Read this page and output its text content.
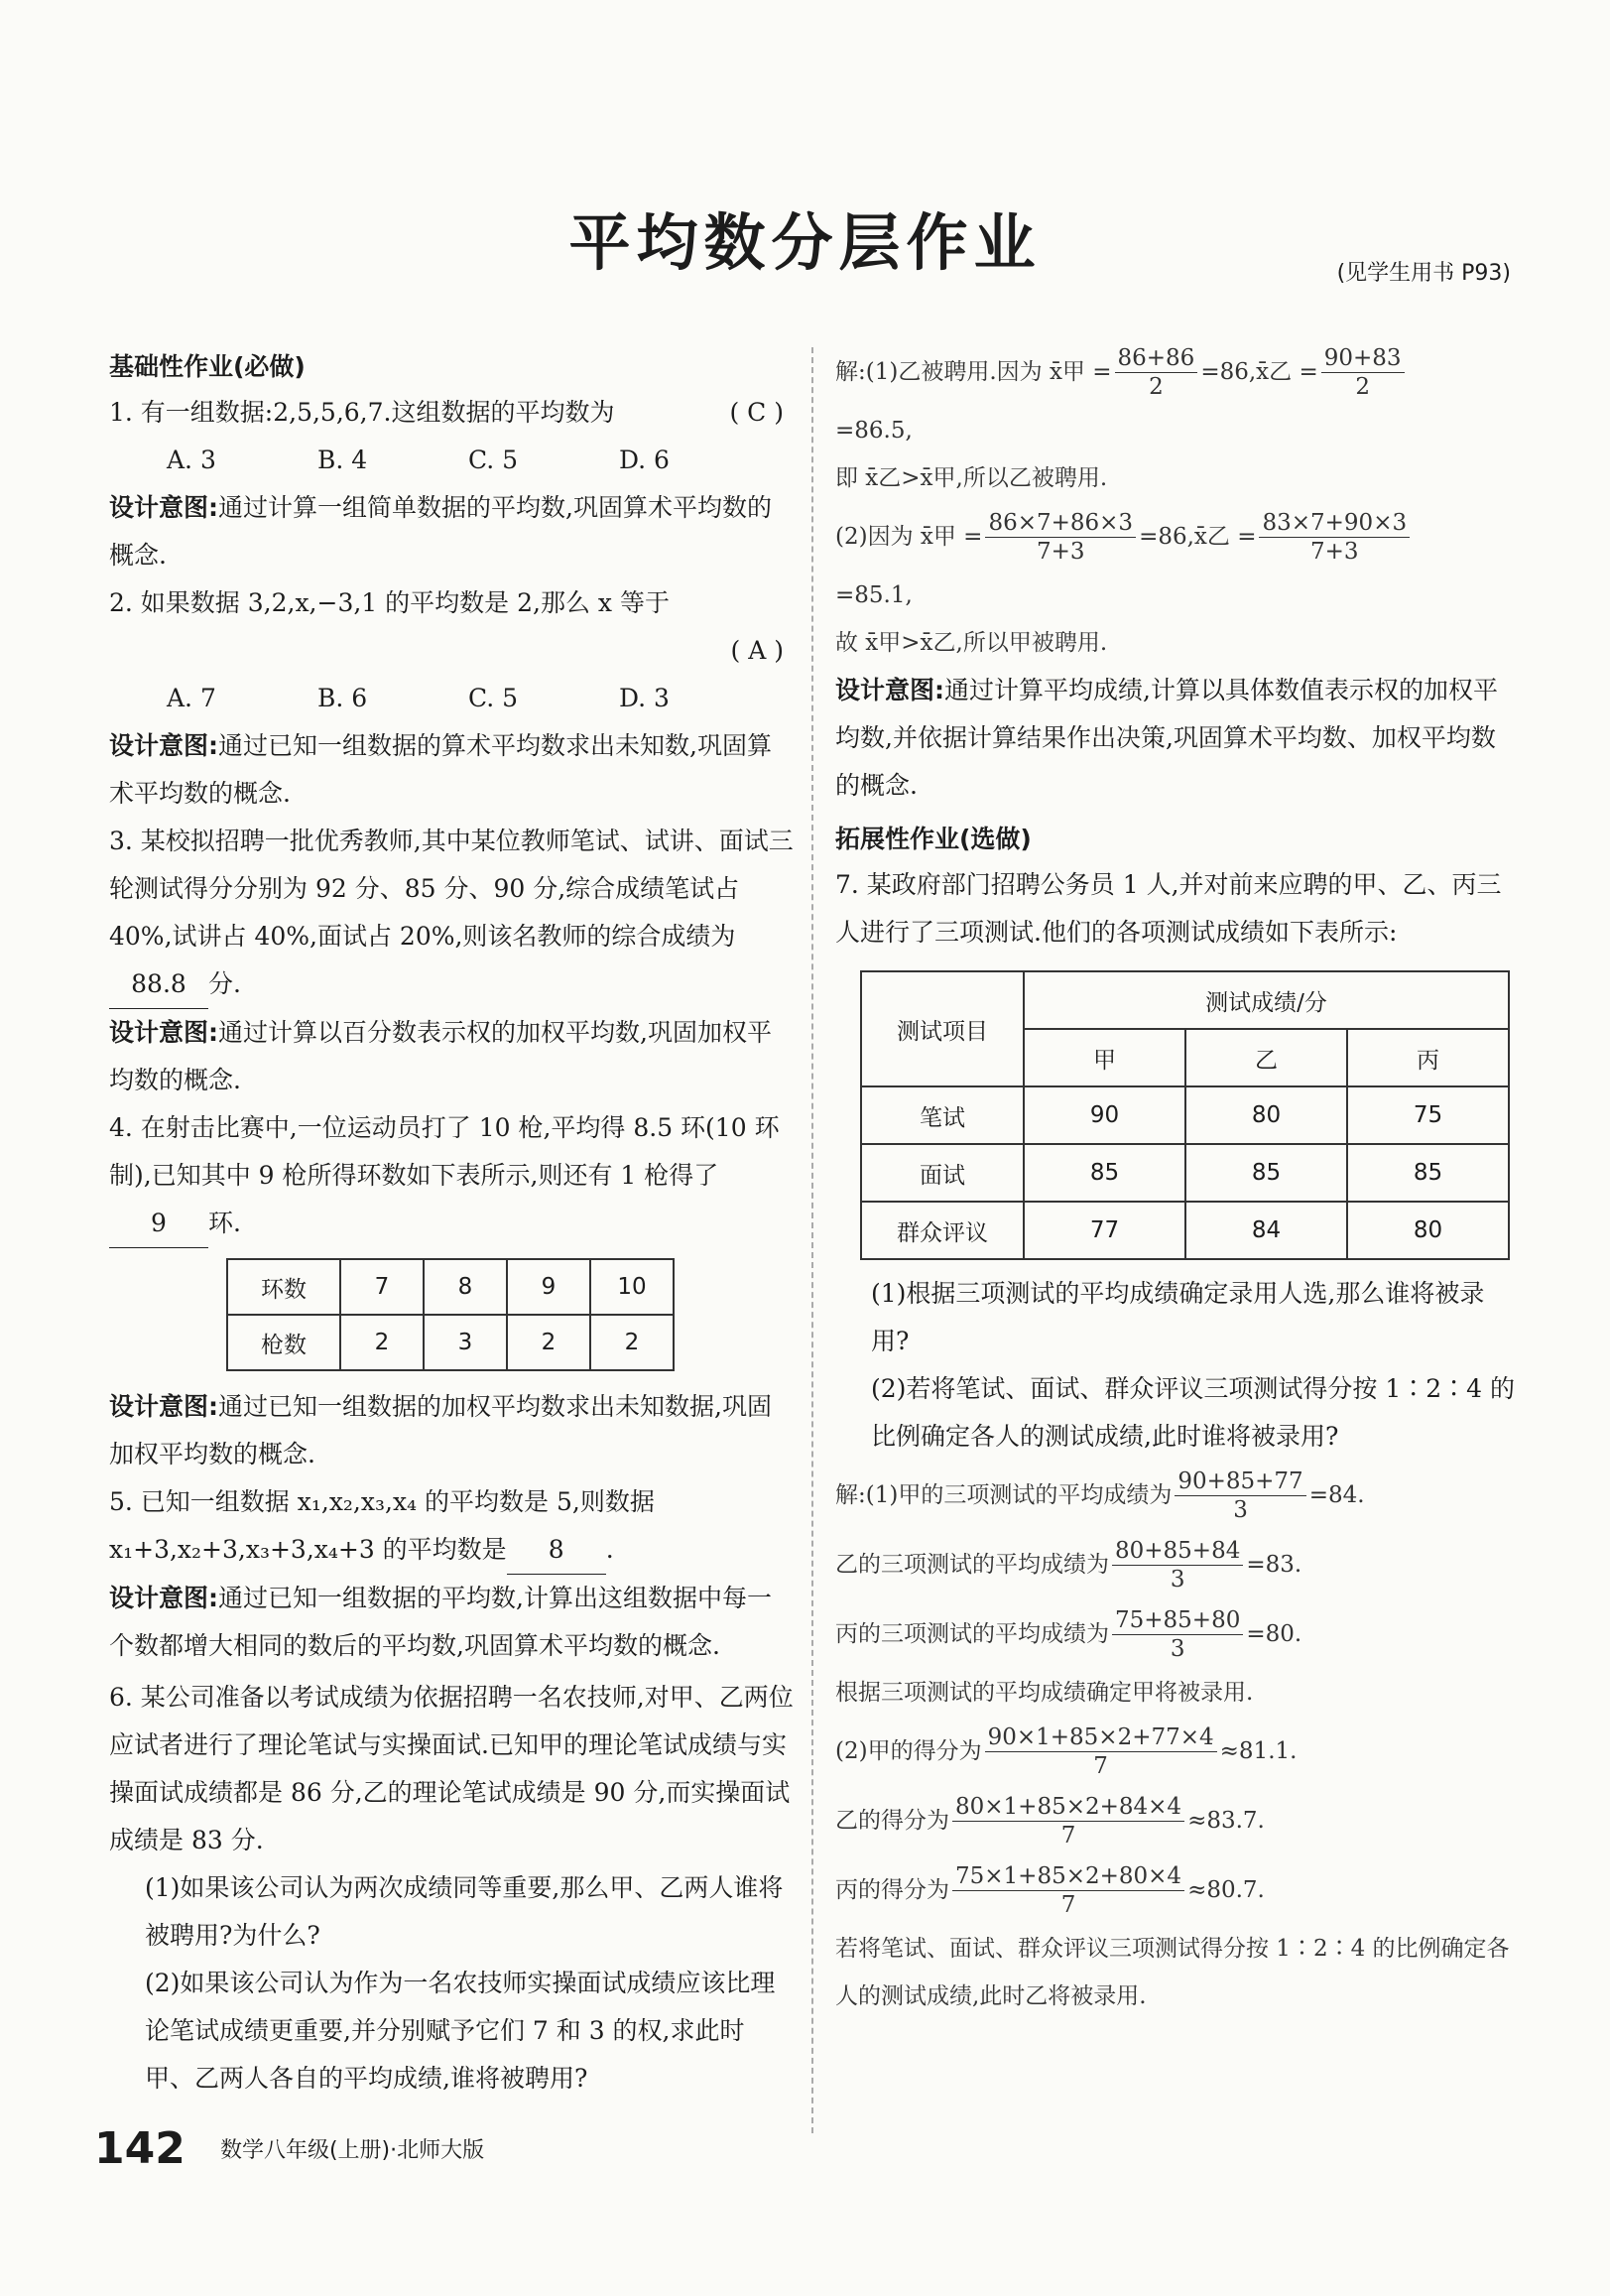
平均数分层作业	(见学生用书 P93)
基础性作业(必做)
1. 有一组数据:2,5,5,6,7.这组数据的平均数为	( C )
A. 3	B. 4	C. 5	D. 6
设计意图:通过计算一组简单数据的平均数,巩固算术平均数的概念.
2. 如果数据 3,2,x,−3,1 的平均数是 2,那么 x 等于
( A )
A. 7	B. 6	C. 5	D. 3
设计意图:通过已知一组数据的算术平均数求出未知数,巩固算术平均数的概念.
3. 某校拟招聘一批优秀教师,其中某位教师笔试、试讲、面试三轮测试得分分别为 92 分、85 分、90 分,综合成绩笔试占 40%,试讲占 40%,面试占 20%,则该名教师的综合成绩为88.8 分.
设计意图:通过计算以百分数表示权的加权平均数,巩固加权平均数的概念.
4. 在射击比赛中,一位运动员打了 10 枪,平均得 8.5 环(10 环制),已知其中 9 枪所得环数如下表所示,则还有 1 枪得了9 环.
环数	7	8	9	10
枪数	2	3	2	2
设计意图:通过已知一组数据的加权平均数求出未知数据,巩固加权平均数的概念.
5. 已知一组数据 x₁,x₂,x₃,x₄ 的平均数是 5,则数据 x₁+3,x₂+3,x₃+3,x₄+3 的平均数是 8 .
设计意图:通过已知一组数据的平均数,计算出这组数据中每一个数都增大相同的数后的平均数,巩固算术平均数的概念.
6. 某公司准备以考试成绩为依据招聘一名农技师,对甲、乙两位应试者进行了理论笔试与实操面试.已知甲的理论笔试成绩与实操面试成绩都是 86 分,乙的理论笔试成绩是 90 分,而实操面试成绩是 83 分.
(1)如果该公司认为两次成绩同等重要,那么甲、乙两人谁将被聘用?为什么?
(2)如果该公司认为作为一名农技师实操面试成绩应该比理论笔试成绩更重要,并分别赋予它们 7 和 3 的权,求此时甲、乙两人各自的平均成绩,谁将被聘用?
解:(1)乙被聘用.因为 x̄甲 = $\frac{86+86}{2}$ =86,x̄乙 = $\frac{90+83}{2}$
=86.5,
即 x̄乙>x̄甲,所以乙被聘用.
(2)因为 x̄甲 = $\frac{86\times 7+86\times 3}{7+3}$ =86,x̄乙 = $\frac{83\times 7+90\times 3}{7+3}$
=85.1,
故 x̄甲>x̄乙,所以甲被聘用.
设计意图:通过计算平均成绩,计算以具体数值表示权的加权平均数,并依据计算结果作出决策,巩固算术平均数、加权平均数的概念.
拓展性作业(选做)
7. 某政府部门招聘公务员 1 人,并对前来应聘的甲、乙、丙三人进行了三项测试.他们的各项测试成绩如下表所示:
测试项目	测试成绩/分		
	甲	乙	丙
笔试	90	80	75
面试	85	85	85
群众评议	77	84	80
(1)根据三项测试的平均成绩确定录用人选,那么谁将被录用?
(2)若将笔试、面试、群众评议三项测试得分按 1∶2∶4 的比例确定各人的测试成绩,此时谁将被录用?
解:(1)甲的三项测试的平均成绩为 $\frac{90+85+77}{3} =84$.
乙的三项测试的平均成绩为 $\frac{80+85+84}{3} =83$.
丙的三项测试的平均成绩为 $\frac{75+85+80}{3} =80$.
根据三项测试的平均成绩确定甲将被录用.
(2)甲的得分为 $\frac{90\times 1+85\times 2+77\times 4}{7} \approx 81.1$.
乙的得分为 $\frac{80\times 1+85\times 2+84\times 4}{7} \approx 83.7$.
丙的得分为 $\frac{75\times 1+85\times 2+80\times 4}{7} \approx 80.7$.
若将笔试、面试、群众评议三项测试得分按 1∶2∶4 的比例确定各人的测试成绩,此时乙将被录用.
142 数学八年级(上册)·北师大版
